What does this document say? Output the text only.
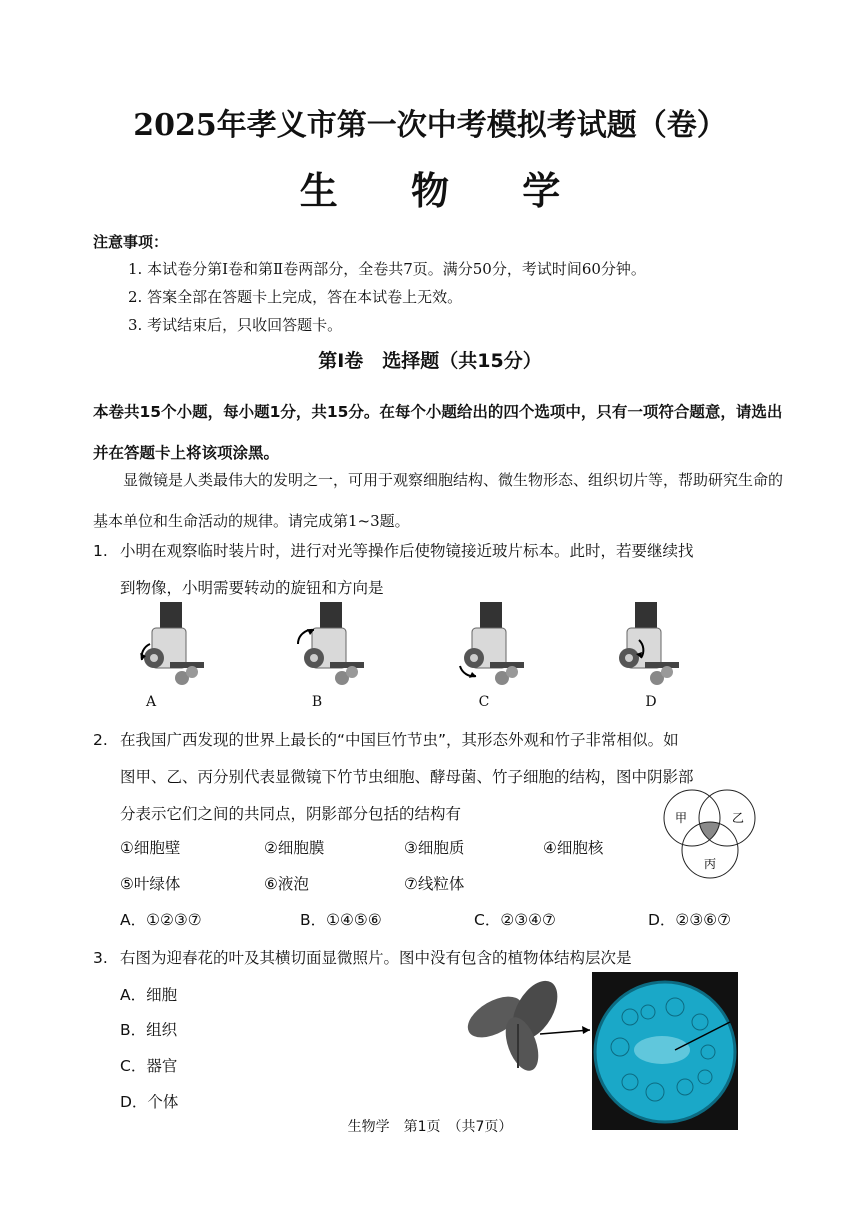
2025年孝义市第一次中考模拟考试题（卷）
生 物 学
注意事项：
1. 本试卷分第Ⅰ卷和第Ⅱ卷两部分，全卷共7页。满分50分，考试时间60分钟。
2. 答案全部在答题卡上完成，答在本试卷上无效。
3. 考试结束后，只收回答题卡。
第Ⅰ卷　选择题（共15分）
本卷共15个小题，每小题1分，共15分。在每个小题给出的四个选项中，只有一项符合题意，请选出并在答题卡上将该项涂黑。
显微镜是人类最伟大的发明之一，可用于观察细胞结构、微生物形态、组织切片等，帮助研究生命的基本单位和生命活动的规律。请完成第1~3题。
1. 小明在观察临时装片时，进行对光等操作后使物镜接近玻片标本。此时，若要继续找
到物像，小明需要转动的旋钮和方向是
A	B	C	D
2. 在我国广西发现的世界上最长的“中国巨竹节虫”，其形态外观和竹子非常相似。如
图甲、乙、丙分别代表显微镜下竹节虫细胞、酵母菌、竹子细胞的结构，图中阴影部
分表示它们之间的共同点，阴影部分包括的结构有
①细胞壁	②细胞膜	③细胞质	④细胞核
⑤叶绿体	⑥液泡	⑦线粒体
A．①②③⑦	B．①④⑤⑥	C．②③④⑦	D．②③⑥⑦
甲	乙
丙
3. 右图为迎春花的叶及其横切面显微照片。图中没有包含的植物体结构层次是
A．细胞
B．组织
C．器官
D．个体
生物学　第1页　（共7页）
